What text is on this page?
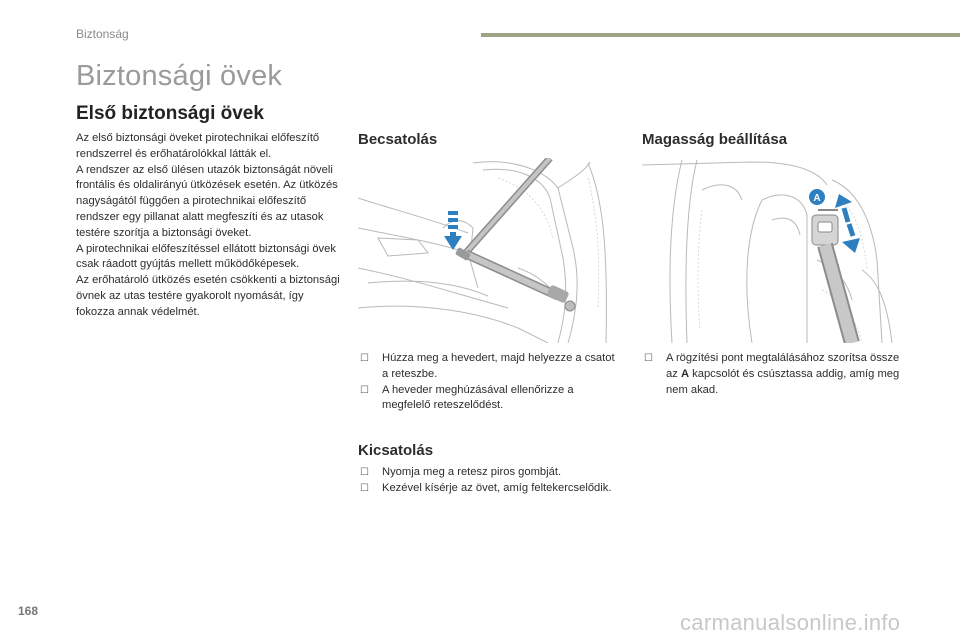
Biztonság
Biztonsági övek
Első biztonsági övek

Az első biztonsági öveket pirotechnikai előfeszítő rendszerrel és erőhatárolókkal látták el.

A rendszer az első ülésen utazók biztonságát növeli frontális és oldalirányú ütközések esetén. Az ütközés nagyságától függően a pirotechnikai előfeszítő rendszer egy pillanat alatt megfeszíti és az utasok testére szorítja a biztonsági öveket.

A pirotechnikai előfeszítéssel ellátott biztonsági övek csak ráadott gyújtás mellett működőképesek.

Az erőhatároló ütközés esetén csökkenti a biztonsági övnek az utas testére gyakorolt nyomását, így fokozza annak védelmét.

Becsatolás
☐ Húzza meg a hevedert, majd helyezze a csatot a reteszbe.
☐ A heveder meghúzásával ellenőrizze a megfelelő reteszelődést.
Kicsatolás
☐ Nyomja meg a retesz piros gombját.
☐ Kezével kísérje az övet, amíg feltekercselődik.
Magasság beállítása
A
☐ A rögzítési pont megtalálásához szorítsa össze az A kapcsolót és csúsztassa addig, amíg meg nem akad.
168	carmanualsonline.info
